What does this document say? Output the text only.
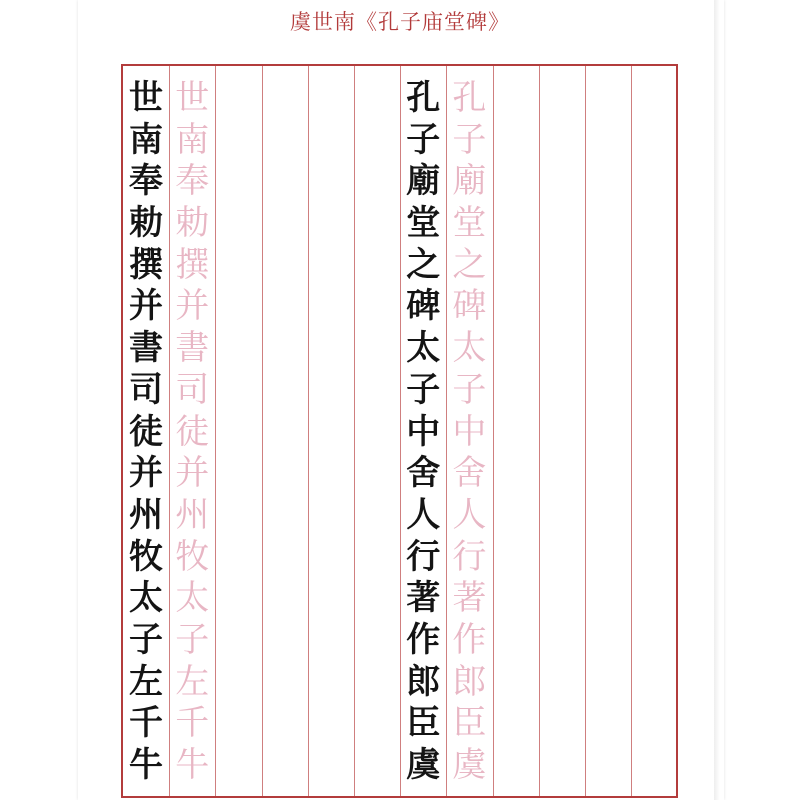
虞世南《孔子庙堂碑》
世
南
奉
勅
撰
并
書
司
徒
并
州
牧
太
子
左
千
牛
世
南
奉
勅
撰
并
書
司
徒
并
州
牧
太
子
左
千
牛
孔
子
廟
堂
之
碑
太
子
中
舍
人
行
著
作
郎
臣
虞
孔
子
廟
堂
之
碑
太
子
中
舍
人
行
著
作
郎
臣
虞
